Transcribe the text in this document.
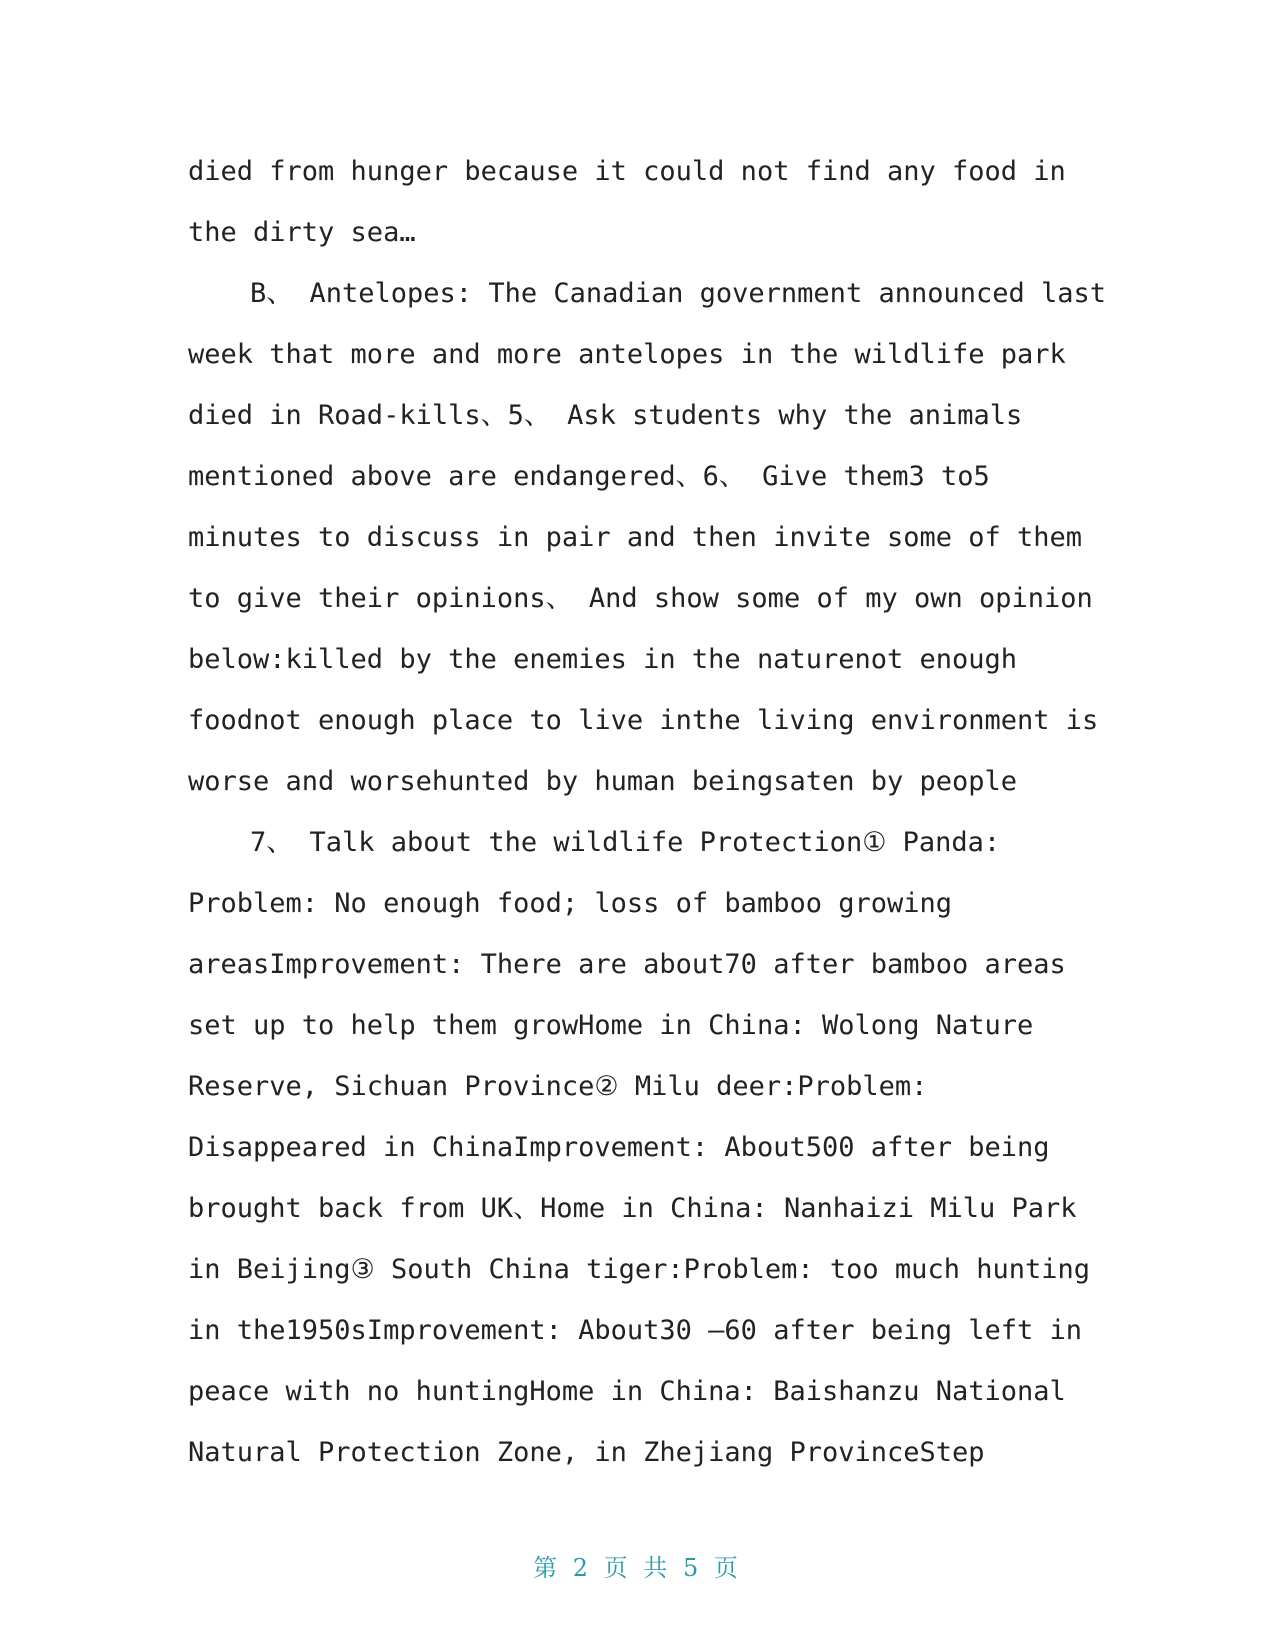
died from hunger because it could not find any food in
the dirty sea…
B、 Antelopes: The Canadian government announced last
week that more and more antelopes in the wildlife park
died in Road-kills、5、 Ask students why the animals
mentioned above are endangered、6、 Give them3 to5
minutes to discuss in pair and then invite some of them
to give their opinions、 And show some of my own opinion
below:killed by the enemies in the naturenot enough
foodnot enough place to live inthe living environment is
worse and worsehunted by human beingsaten by people
7、 Talk about the wildlife Protection① Panda:
Problem: No enough food; loss of bamboo growing
areasImprovement: There are about70 after bamboo areas
set up to help them growHome in China: Wolong Nature
Reserve, Sichuan Province② Milu deer:Problem:
Disappeared in ChinaImprovement: About500 after being
brought back from UK、Home in China: Nanhaizi Milu Park
in Beijing③ South China tiger:Problem: too much hunting
in the1950sImprovement: About30 –60 after being left in
peace with no huntingHome in China: Baishanzu National
Natural Protection Zone, in Zhejiang ProvinceStep
第 2 页 共 5 页
